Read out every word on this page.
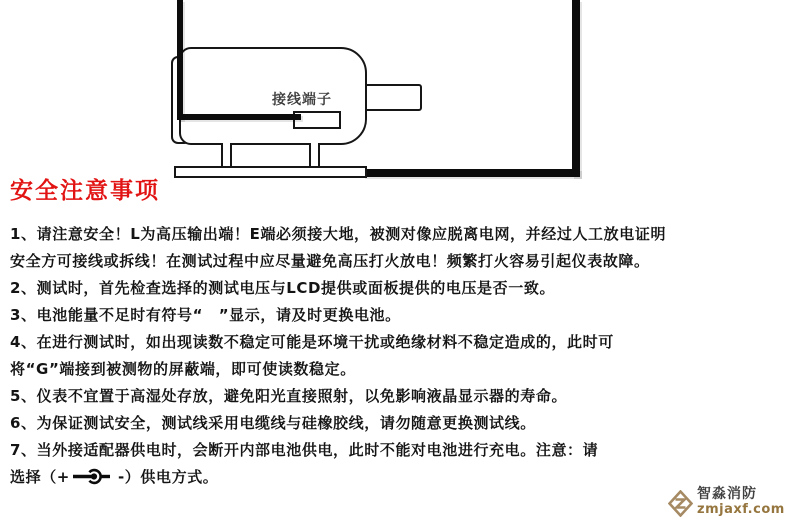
接线端子
安全注意事项

1、请注意安全！L为高压输出端！E端必须接大地，被测对像应脱离电网，并经过人工放电证明

安全方可接线或拆线！在测试过程中应尽量避免高压打火放电！频繁打火容易引起仪表故障。

2、测试时，首先检查选择的测试电压与LCD提供或面板提供的电压是否一致。

3、电池能量不足时有符号“　”显示，请及时更换电池。

4、在进行测试时，如出现读数不稳定可能是环境干扰或绝缘材料不稳定造成的，此时可

将“G”端接到被测物的屏蔽端，即可使读数稳定。

5、仪表不宜置于高湿处存放，避免阳光直接照射，以免影响液晶显示器的寿命。

6、为保证测试安全，测试线采用电缆线与硅橡胶线，请勿随意更换测试线。

7、当外接适配器供电时，会断开内部电池供电，此时不能对电池进行充电。注意：请

选择（+	-）供电方式。

智淼消防
zmjaxf.com
